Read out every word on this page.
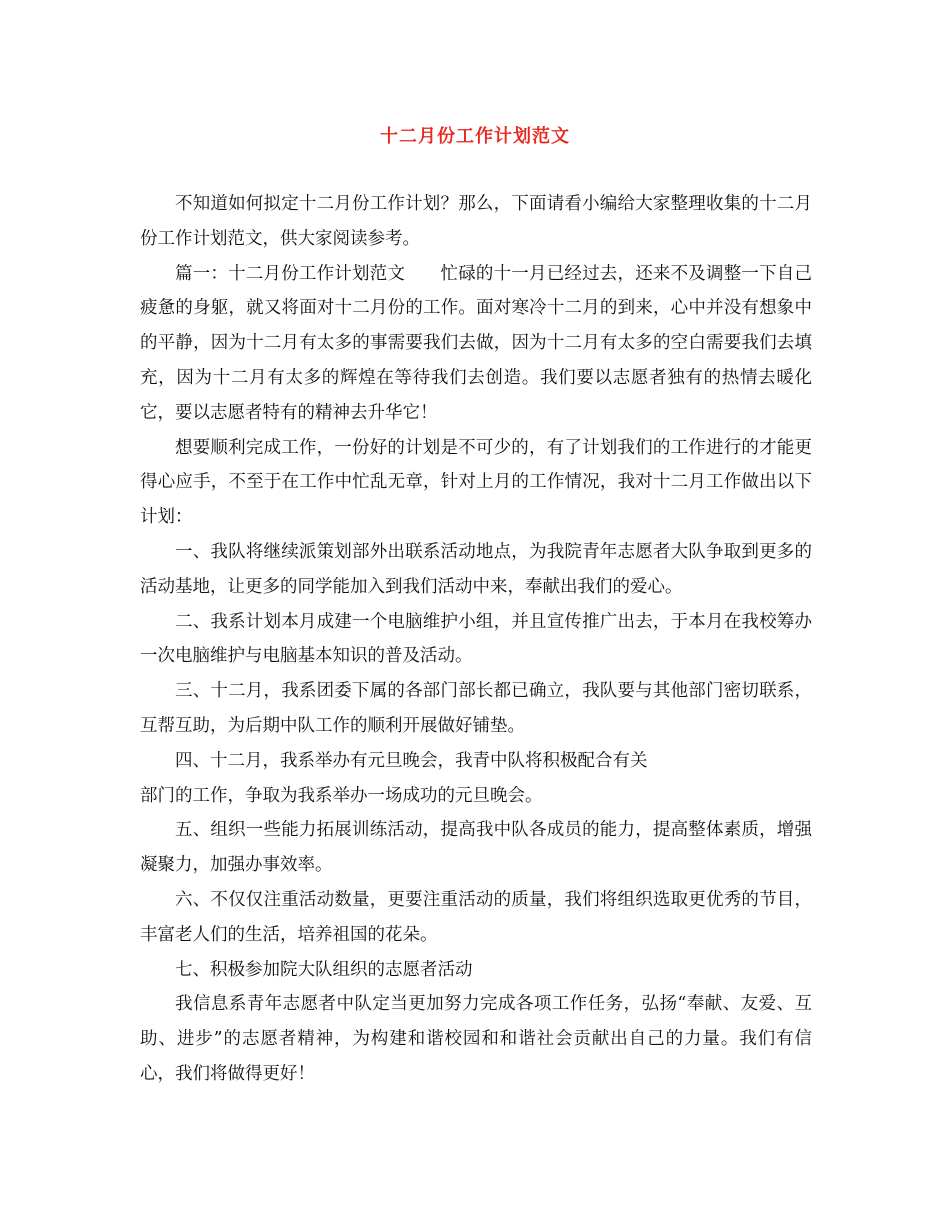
十二月份工作计划范文

不知道如何拟定十二月份工作计划？那么，下面请看小编给大家整理收集的十二月份工作计划范文，供大家阅读参考。

篇一：十二月份工作计划范文　　忙碌的十一月已经过去，还来不及调整一下自己疲惫的身躯，就又将面对十二月份的工作。面对寒冷十二月的到来，心中并没有想象中的平静，因为十二月有太多的事需要我们去做，因为十二月有太多的空白需要我们去填充，因为十二月有太多的辉煌在等待我们去创造。我们要以志愿者独有的热情去暖化它，要以志愿者特有的精神去升华它！

想要顺利完成工作，一份好的计划是不可少的，有了计划我们的工作进行的才能更得心应手，不至于在工作中忙乱无章，针对上月的工作情况，我对十二月工作做出以下计划：

一、我队将继续派策划部外出联系活动地点，为我院青年志愿者大队争取到更多的活动基地，让更多的同学能加入到我们活动中来，奉献出我们的爱心。

二、我系计划本月成建一个电脑维护小组，并且宣传推广出去，于本月在我校筹办一次电脑维护与电脑基本知识的普及活动。

三、十二月，我系团委下属的各部门部长都已确立，我队要与其他部门密切联系，互帮互助，为后期中队工作的顺利开展做好铺垫。

四、十二月，我系举办有元旦晚会，我青中队将积极配合有关

部门的工作，争取为我系举办一场成功的元旦晚会。

五、组织一些能力拓展训练活动，提高我中队各成员的能力，提高整体素质，增强凝聚力，加强办事效率。

六、不仅仅注重活动数量，更要注重活动的质量，我们将组织选取更优秀的节目，丰富老人们的生活，培养祖国的花朵。

七、积极参加院大队组织的志愿者活动

我信息系青年志愿者中队定当更加努力完成各项工作任务，弘扬“奉献、友爱、互助、进步”的志愿者精神，为构建和谐校园和和谐社会贡献出自己的力量。我们有信心，我们将做得更好！
